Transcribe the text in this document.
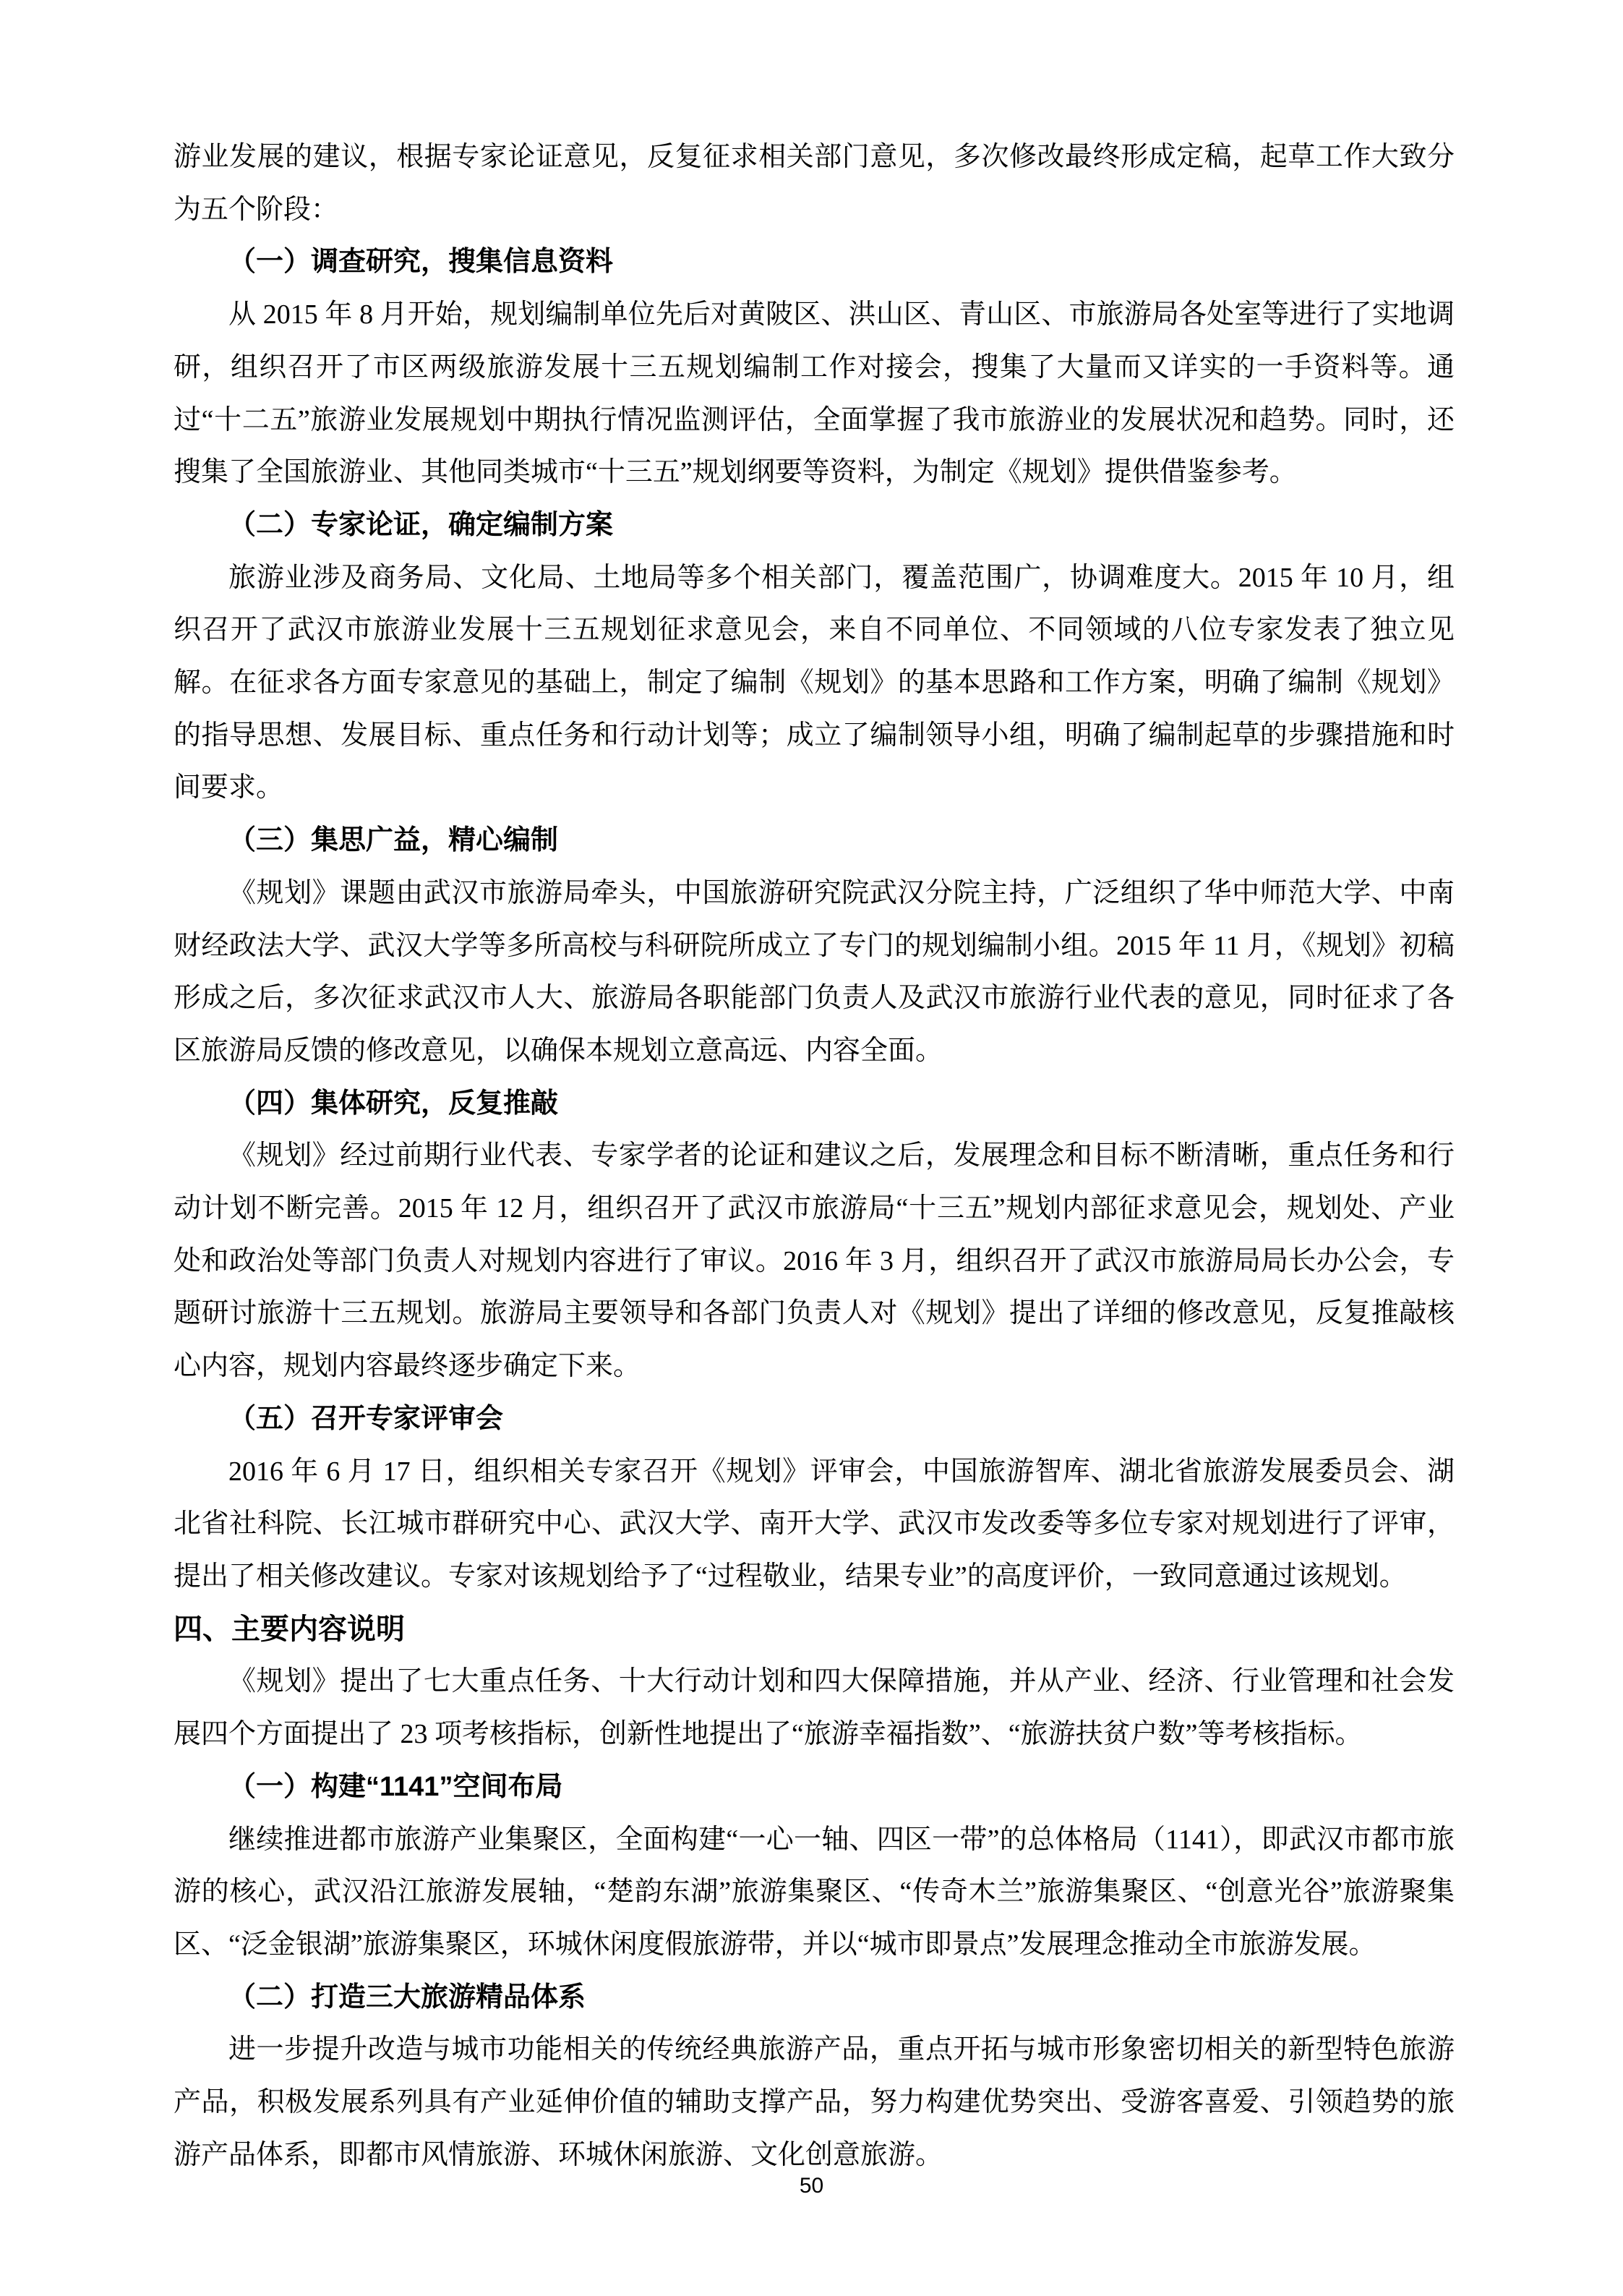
游业发展的建议，根据专家论证意见，反复征求相关部门意见，多次修改最终形成定稿，起草工作大致分为五个阶段：

（一）调查研究，搜集信息资料

从 2015 年 8 月开始，规划编制单位先后对黄陂区、洪山区、青山区、市旅游局各处室等进行了实地调研，组织召开了市区两级旅游发展十三五规划编制工作对接会，搜集了大量而又详实的一手资料等。通过“十二五”旅游业发展规划中期执行情况监测评估，全面掌握了我市旅游业的发展状况和趋势。同时，还搜集了全国旅游业、其他同类城市“十三五”规划纲要等资料，为制定《规划》提供借鉴参考。

（二）专家论证，确定编制方案

旅游业涉及商务局、文化局、土地局等多个相关部门，覆盖范围广，协调难度大。2015 年 10 月，组织召开了武汉市旅游业发展十三五规划征求意见会，来自不同单位、不同领域的八位专家发表了独立见解。在征求各方面专家意见的基础上，制定了编制《规划》的基本思路和工作方案，明确了编制《规划》的指导思想、发展目标、重点任务和行动计划等；成立了编制领导小组，明确了编制起草的步骤措施和时间要求。

（三）集思广益，精心编制

《规划》课题由武汉市旅游局牵头，中国旅游研究院武汉分院主持，广泛组织了华中师范大学、中南财经政法大学、武汉大学等多所高校与科研院所成立了专门的规划编制小组。2015 年 11 月，《规划》初稿形成之后，多次征求武汉市人大、旅游局各职能部门负责人及武汉市旅游行业代表的意见，同时征求了各区旅游局反馈的修改意见，以确保本规划立意高远、内容全面。

（四）集体研究，反复推敲

《规划》经过前期行业代表、专家学者的论证和建议之后，发展理念和目标不断清晰，重点任务和行动计划不断完善。2015 年 12 月，组织召开了武汉市旅游局“十三五”规划内部征求意见会，规划处、产业处和政治处等部门负责人对规划内容进行了审议。2016 年 3 月，组织召开了武汉市旅游局局长办公会，专题研讨旅游十三五规划。旅游局主要领导和各部门负责人对《规划》提出了详细的修改意见，反复推敲核心内容，规划内容最终逐步确定下来。

（五）召开专家评审会

2016 年 6 月 17 日，组织相关专家召开《规划》评审会，中国旅游智库、湖北省旅游发展委员会、湖北省社科院、长江城市群研究中心、武汉大学、南开大学、武汉市发改委等多位专家对规划进行了评审，提出了相关修改建议。专家对该规划给予了“过程敬业，结果专业”的高度评价，一致同意通过该规划。

四、主要内容说明

《规划》提出了七大重点任务、十大行动计划和四大保障措施，并从产业、经济、行业管理和社会发展四个方面提出了 23 项考核指标，创新性地提出了“旅游幸福指数”、“旅游扶贫户数”等考核指标。

（一）构建“1141”空间布局

继续推进都市旅游产业集聚区，全面构建“一心一轴、四区一带”的总体格局（1141），即武汉市都市旅游的核心，武汉沿江旅游发展轴，“楚韵东湖”旅游集聚区、“传奇木兰”旅游集聚区、“创意光谷”旅游聚集区、“泛金银湖”旅游集聚区，环城休闲度假旅游带，并以“城市即景点”发展理念推动全市旅游发展。

（二）打造三大旅游精品体系

进一步提升改造与城市功能相关的传统经典旅游产品，重点开拓与城市形象密切相关的新型特色旅游产品，积极发展系列具有产业延伸价值的辅助支撑产品，努力构建优势突出、受游客喜爱、引领趋势的旅游产品体系，即都市风情旅游、环城休闲旅游、文化创意旅游。

50
